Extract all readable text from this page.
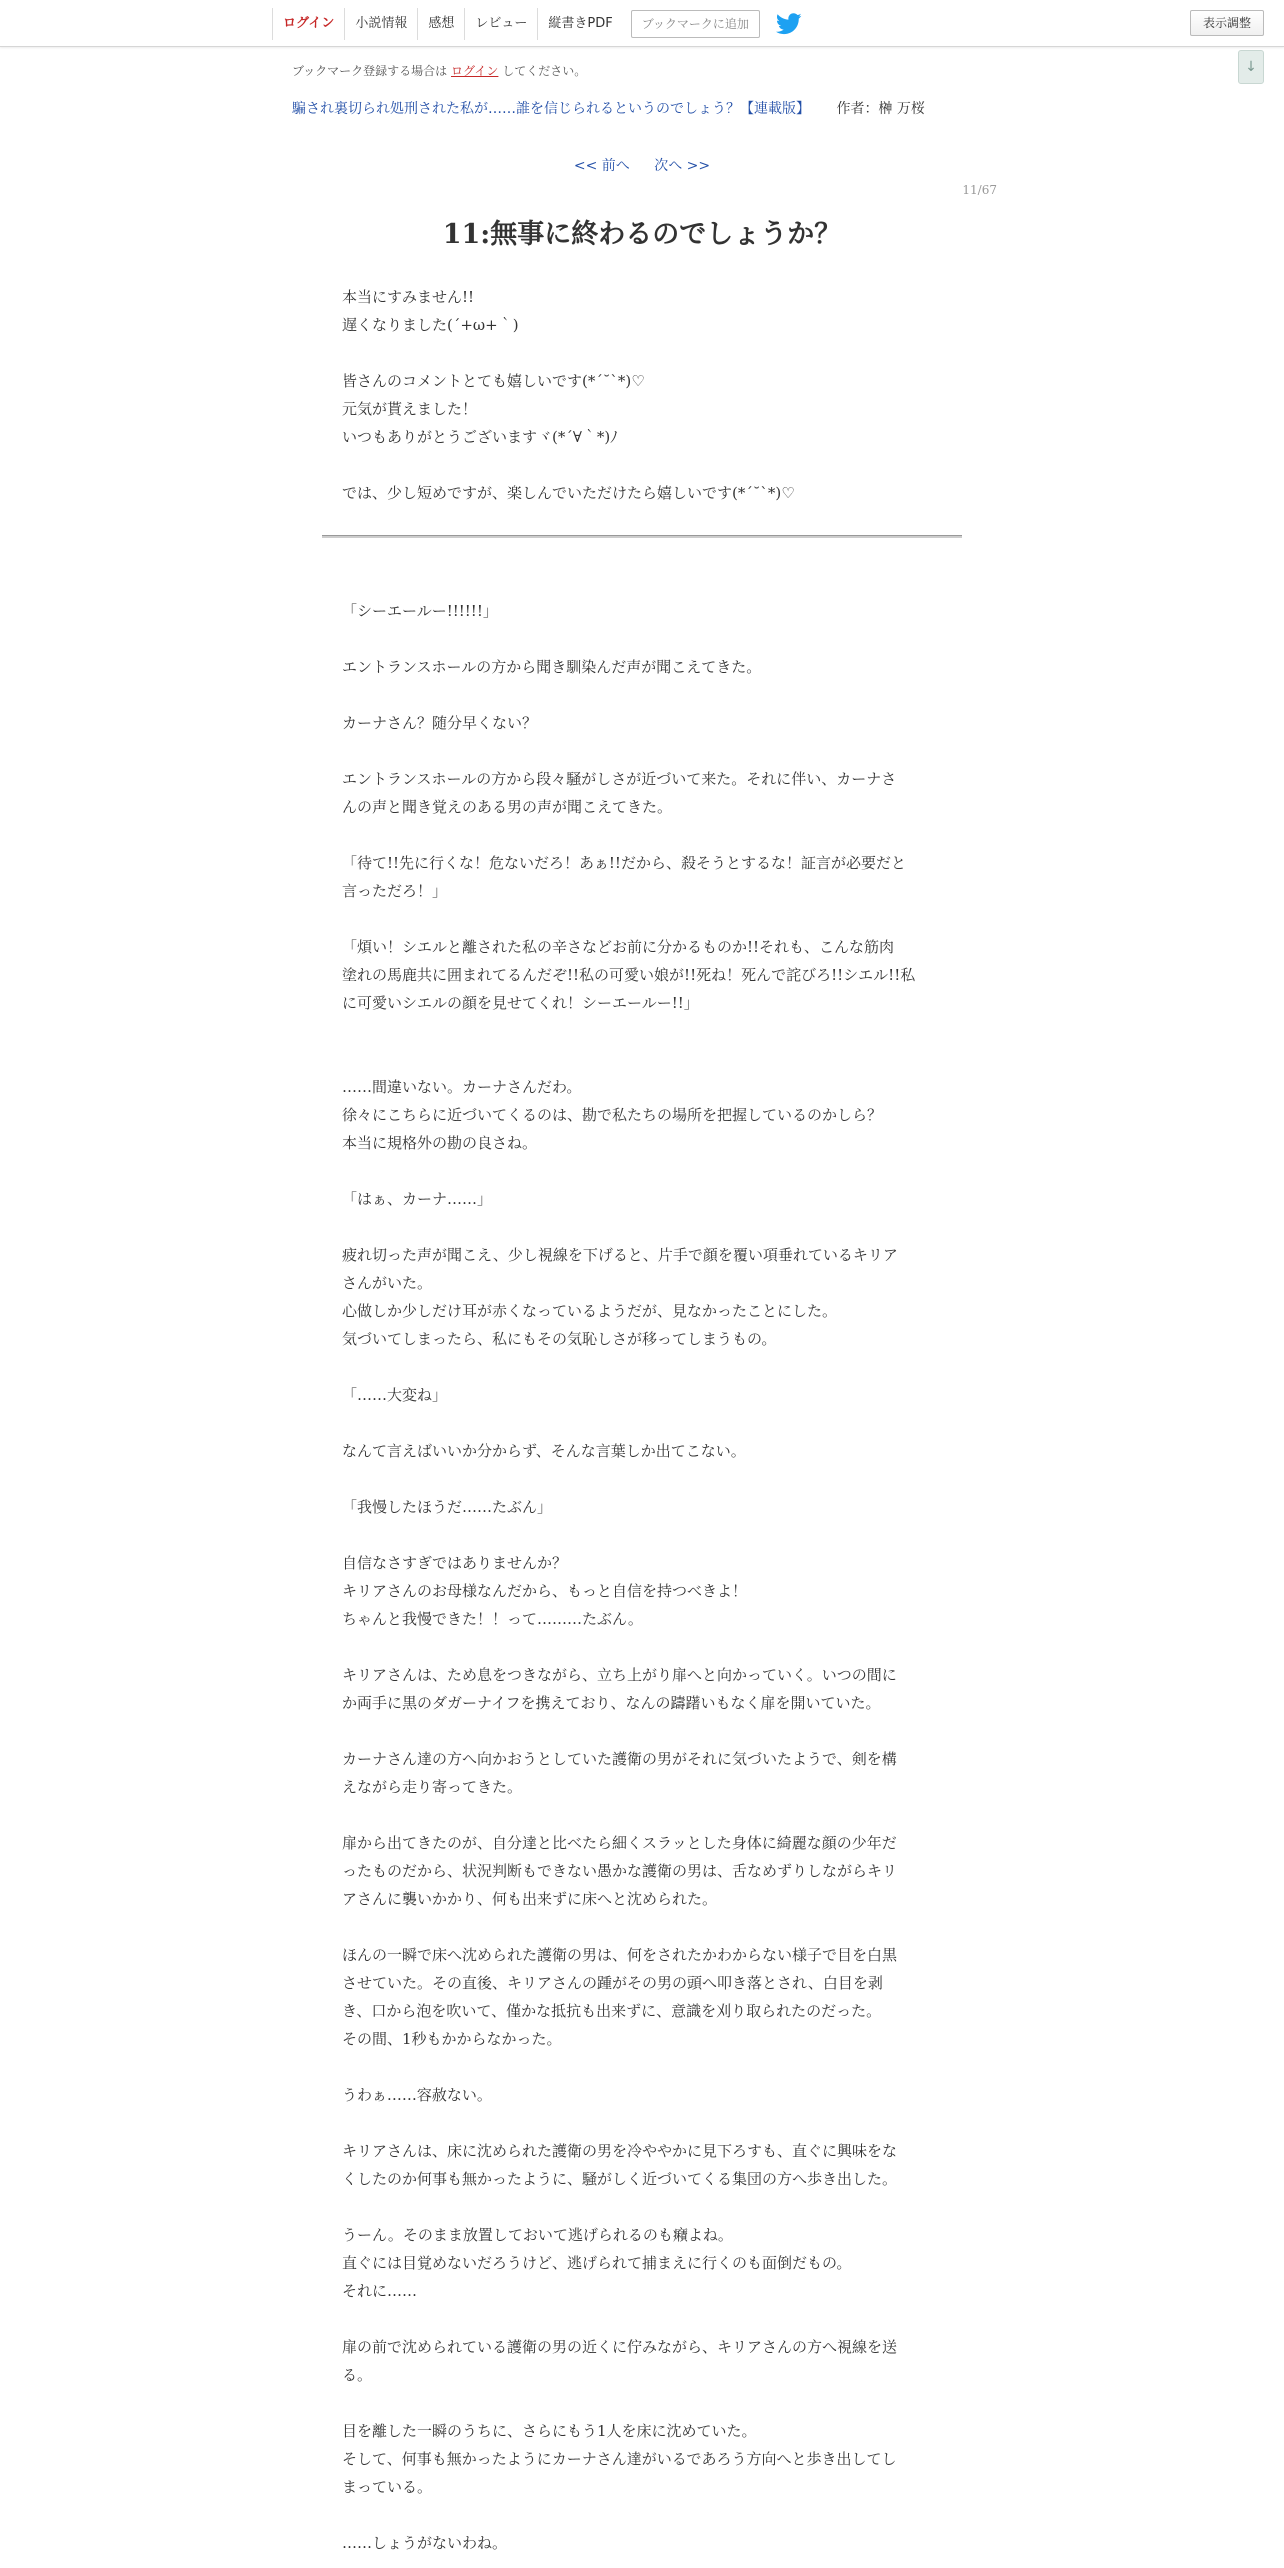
ログイン	小説情報	感想	レビュー	縦書きPDF	ブックマークに追加	表示調整
↓
ブックマーク登録する場合は ログイン してください。
騙され裏切られ処刑された私が……誰を信じられるというのでしょう？【連載版】 作者：榊 万桜
<< 前へ 次へ >>
11/67
11:無事に終わるのでしょうか？

本当にすみません!!
遅くなりました(´+ω+｀)

皆さんのコメントとても嬉しいです(*´˘`*)♡
元気が貰えました！
いつもありがとうございますヾ(*´∀｀*)ﾉ

では、少し短めですが、楽しんでいただけたら嬉しいです(*´˘`*)♡

「シーエールー!!!!!!」

エントランスホールの方から聞き馴染んだ声が聞こえてきた。

カーナさん？随分早くない？

エントランスホールの方から段々騒がしさが近づいて来た。それに伴い、カーナさ
んの声と聞き覚えのある男の声が聞こえてきた。

「待て!!先に行くな！危ないだろ！あぁ!!だから、殺そうとするな！証言が必要だと
言っただろ！」

「煩い！シエルと離された私の辛さなどお前に分かるものか!!それも、こんな筋肉
塗れの馬鹿共に囲まれてるんだぞ!!私の可愛い娘が!!死ね！死んで詫びろ!!シエル!!私
に可愛いシエルの顔を見せてくれ！シーエールー!!」

……間違いない。カーナさんだわ。
徐々にこちらに近づいてくるのは、勘で私たちの場所を把握しているのかしら？
本当に規格外の勘の良さね。

「はぁ、カーナ……」

疲れ切った声が聞こえ、少し視線を下げると、片手で顔を覆い項垂れているキリア
さんがいた。
心做しか少しだけ耳が赤くなっているようだが、見なかったことにした。
気づいてしまったら、私にもその気恥しさが移ってしまうもの。

「……大変ね」

なんて言えばいいか分からず、そんな言葉しか出てこない。

「我慢したほうだ……たぶん」

自信なさすぎではありませんか？
キリアさんのお母様なんだから、もっと自信を持つべきよ！
ちゃんと我慢できた！！って………たぶん。

キリアさんは、ため息をつきながら、立ち上がり扉へと向かっていく。いつの間に
か両手に黒のダガーナイフを携えており、なんの躊躇いもなく扉を開いていた。

カーナさん達の方へ向かおうとしていた護衛の男がそれに気づいたようで、剣を構
えながら走り寄ってきた。

扉から出てきたのが、自分達と比べたら細くスラッとした身体に綺麗な顔の少年だ
ったものだから、状況判断もできない愚かな護衛の男は、舌なめずりしながらキリ
アさんに襲いかかり、何も出来ずに床へと沈められた。

ほんの一瞬で床へ沈められた護衛の男は、何をされたかわからない様子で目を白黒
させていた。その直後、キリアさんの踵がその男の頭へ叩き落とされ、白目を剥
き、口から泡を吹いて、僅かな抵抗も出来ずに、意識を刈り取られたのだった。
その間、1秒もかからなかった。

うわぁ……容赦ない。

キリアさんは、床に沈められた護衛の男を冷ややかに見下ろすも、直ぐに興味をな
くしたのか何事も無かったように、騒がしく近づいてくる集団の方へ歩き出した。

うーん。そのまま放置しておいて逃げられるのも癪よね。
直ぐには目覚めないだろうけど、逃げられて捕まえに行くのも面倒だもの。
それに……

扉の前で沈められている護衛の男の近くに佇みながら、キリアさんの方へ視線を送
る。

目を離した一瞬のうちに、さらにもう1人を床に沈めていた。
そして、何事も無かったようにカーナさん達がいるであろう方向へと歩き出してし
まっている。

……しょうがないわね。
